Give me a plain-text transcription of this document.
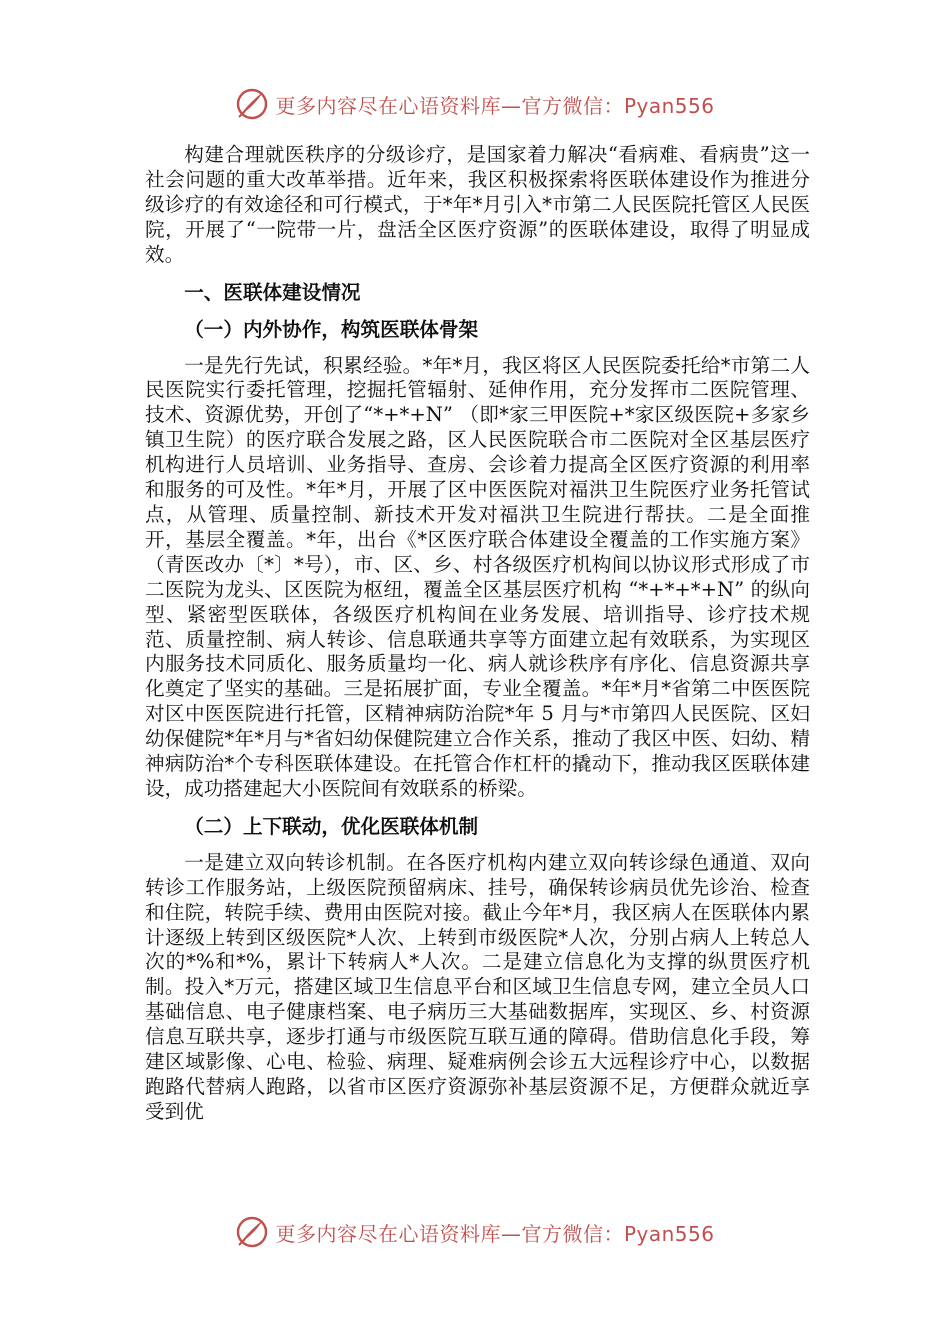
更多内容尽在心语资料库—官方微信：Pyan556

构建合理就医秩序的分级诊疗，是国家着力解决“看病难、看病贵”这一社会问题的重大改革举措。近年来，我区积极探索将医联体建设作为推进分级诊疗的有效途径和可行模式，于*年*月引入*市第二人民医院托管区人民医院，开展了“一院带一片，盘活全区医疗资源”的医联体建设，取得了明显成效。

一、医联体建设情况
（一）内外协作，构筑医联体骨架

一是先行先试，积累经验。*年*月，我区将区人民医院委托给*市第二人民医院实行委托管理，挖掘托管辐射、延伸作用，充分发挥市二医院管理、技术、资源优势，开创了“*+*+N” （即*家三甲医院+*家区级医院+多家乡镇卫生院）的医疗联合发展之路，区人民医院联合市二医院对全区基层医疗机构进行人员培训、业务指导、查房、会诊着力提高全区医疗资源的利用率和服务的可及性。*年*月，开展了区中医医院对福洪卫生院医疗业务托管试点，从管理、质量控制、新技术开发对福洪卫生院进行帮扶。二是全面推开，基层全覆盖。*年，出台《*区医疗联合体建设全覆盖的工作实施方案》（青医改办〔*〕*号），市、区、乡、村各级医疗机构间以协议形式形成了市二医院为龙头、区医院为枢纽，覆盖全区基层医疗机构 “*+*+*+N” 的纵向型、紧密型医联体，各级医疗机构间在业务发展、培训指导、诊疗技术规范、质量控制、病人转诊、信息联通共享等方面建立起有效联系，为实现区内服务技术同质化、服务质量均一化、病人就诊秩序有序化、信息资源共享化奠定了坚实的基础。三是拓展扩面，专业全覆盖。*年*月*省第二中医医院对区中医医院进行托管，区精神病防治院*年 5 月与*市第四人民医院、区妇幼保健院*年*月与*省妇幼保健院建立合作关系，推动了我区中医、妇幼、精神病防治*个专科医联体建设。在托管合作杠杆的撬动下，推动我区医联体建设，成功搭建起大小医院间有效联系的桥梁。

（二）上下联动，优化医联体机制

一是建立双向转诊机制。在各医疗机构内建立双向转诊绿色通道、双向转诊工作服务站，上级医院预留病床、挂号，确保转诊病员优先诊治、检查和住院，转院手续、费用由医院对接。截止今年*月，我区病人在医联体内累计逐级上转到区级医院*人次、上转到市级医院*人次，分别占病人上转总人次的*%和*%，累计下转病人*人次。二是建立信息化为支撑的纵贯医疗机制。投入*万元，搭建区域卫生信息平台和区域卫生信息专网，建立全员人口基础信息、电子健康档案、电子病历三大基础数据库，实现区、乡、村资源信息互联共享，逐步打通与市级医院互联互通的障碍。借助信息化手段，筹建区域影像、心电、检验、病理、疑难病例会诊五大远程诊疗中心，以数据跑路代替病人跑路，以省市区医疗资源弥补基层资源不足，方便群众就近享受到优

更多内容尽在心语资料库—官方微信：Pyan556
